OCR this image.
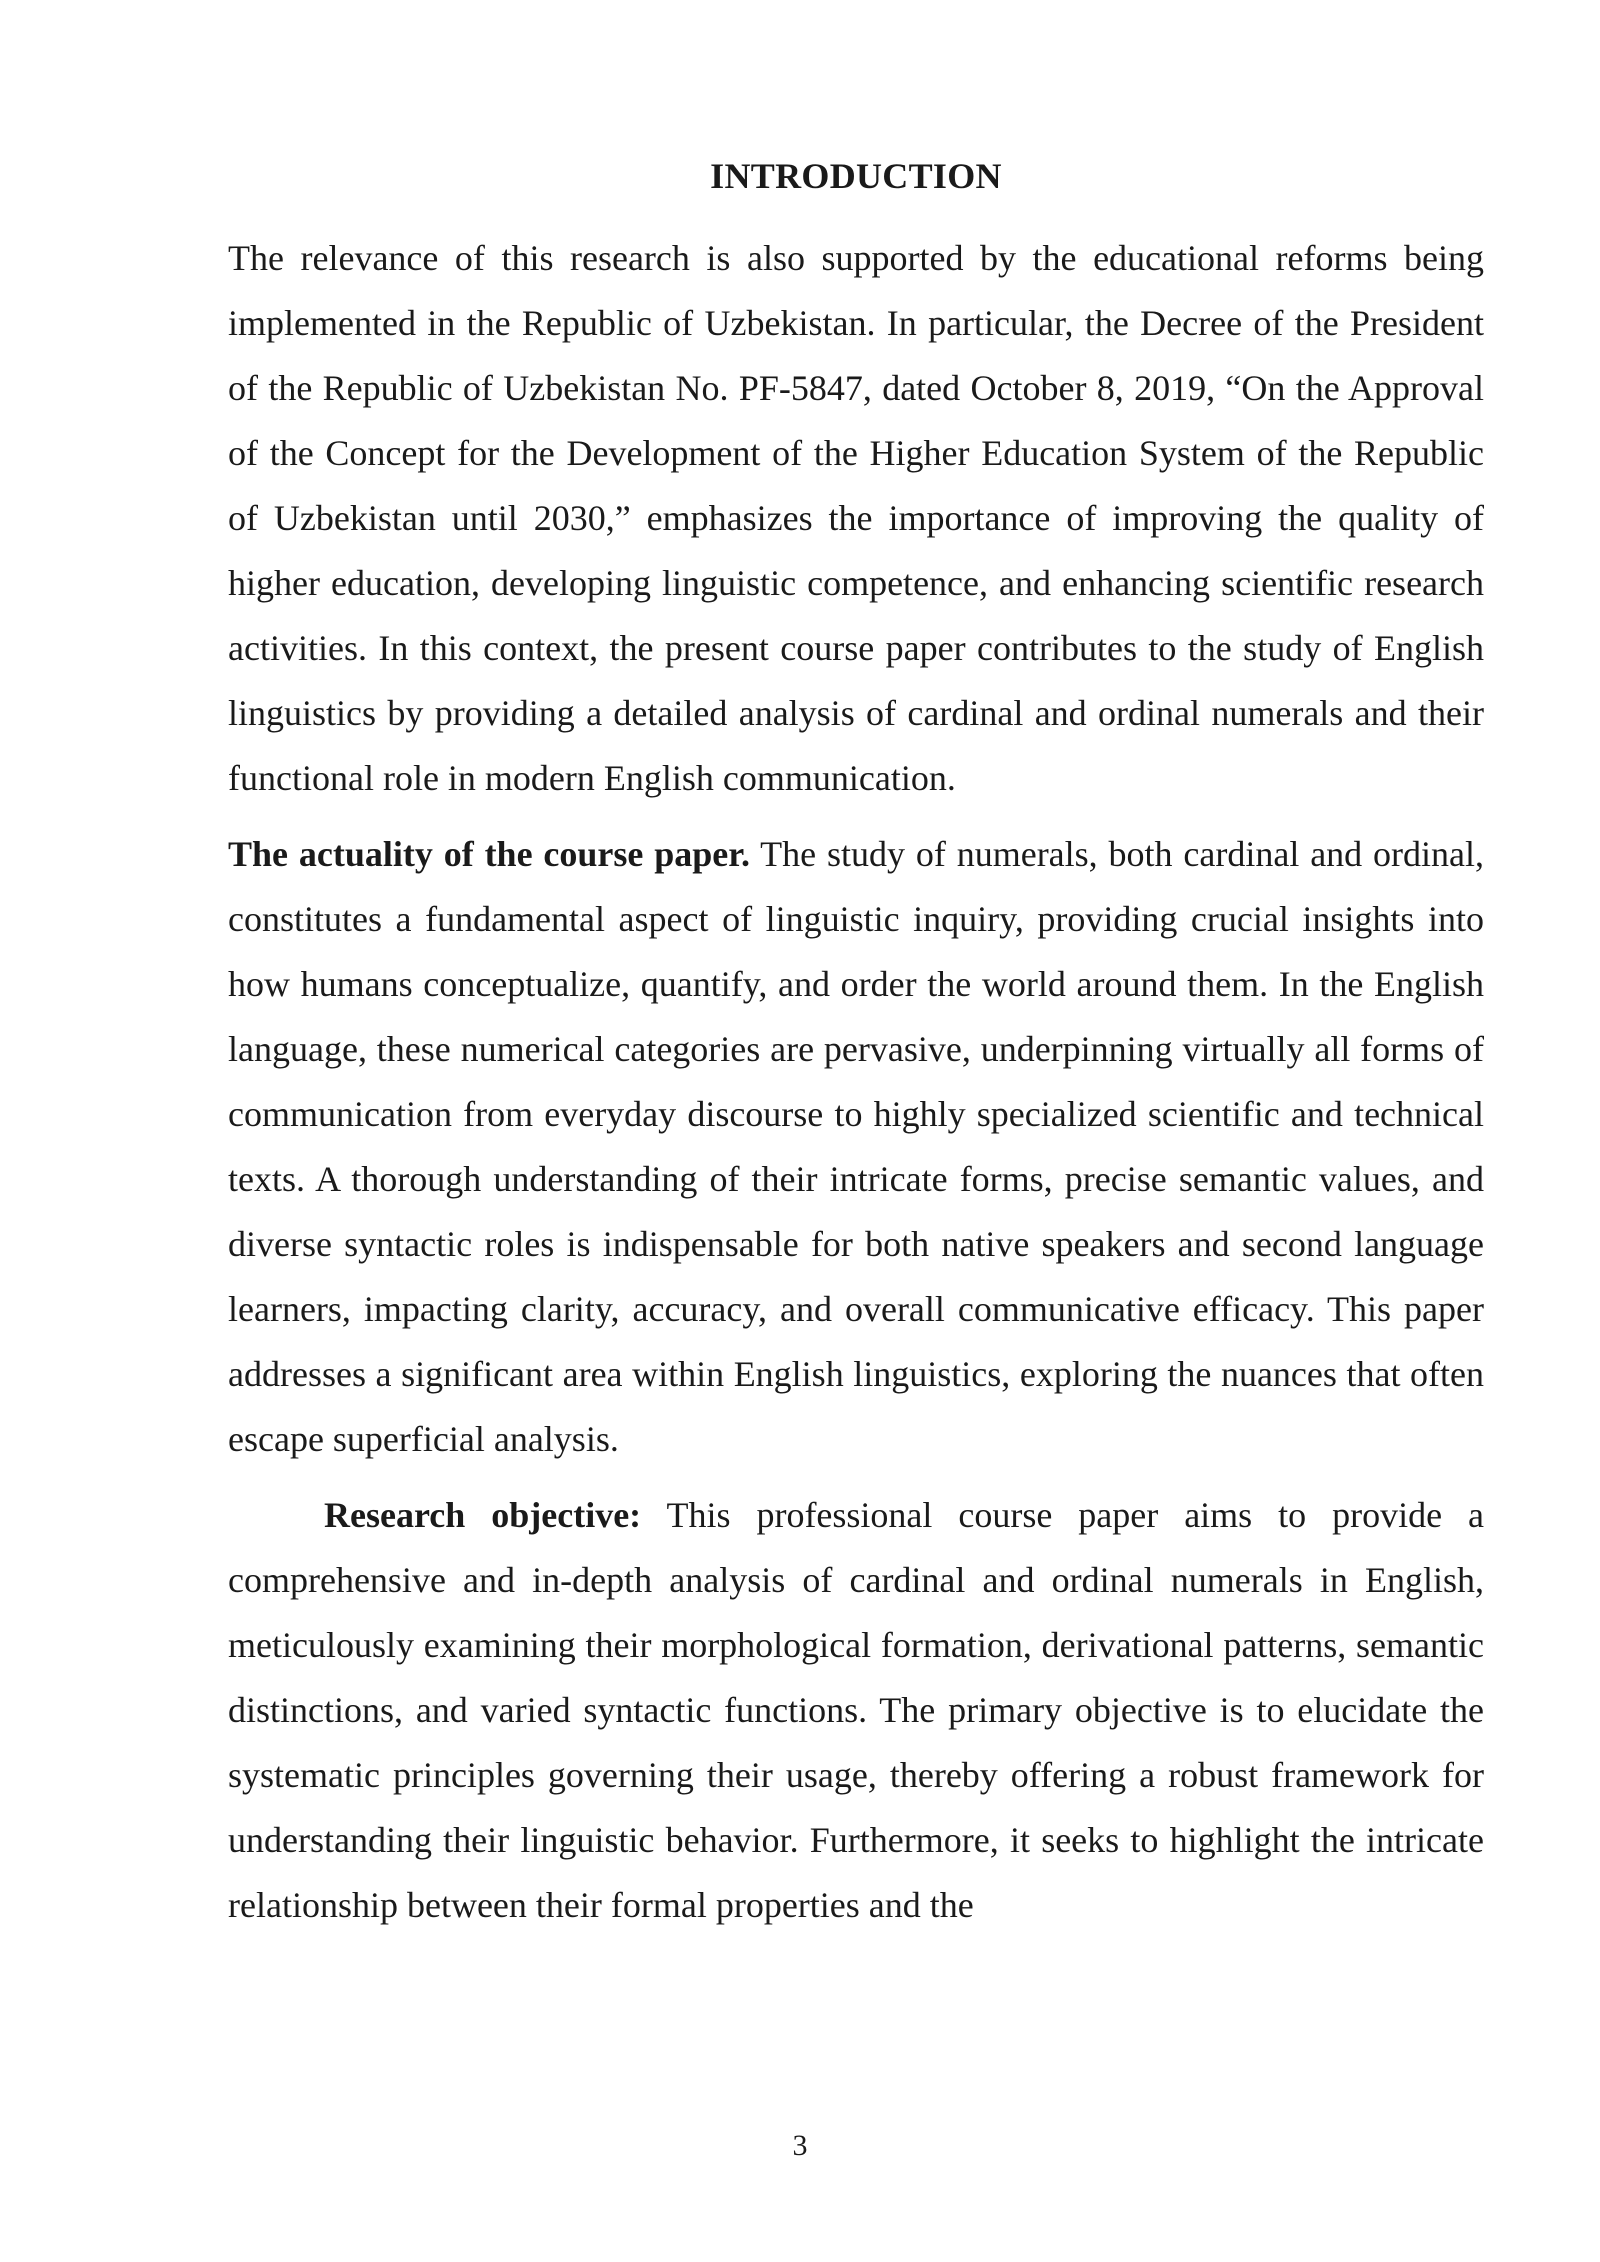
INTRODUCTION

The relevance of this research is also supported by the educational reforms being implemented in the Republic of Uzbekistan. In particular, the Decree of the President of the Republic of Uzbekistan No. PF-5847, dated October 8, 2019, “On the Approval of the Concept for the Development of the Higher Education System of the Republic of Uzbekistan until 2030,” emphasizes the importance of improving the quality of higher education, developing linguistic competence, and enhancing scientific research activities. In this context, the present course paper contributes to the study of English linguistics by providing a detailed analysis of cardinal and ordinal numerals and their functional role in modern English communication.

The actuality of the course paper. The study of numerals, both cardinal and ordinal, constitutes a fundamental aspect of linguistic inquiry, providing crucial insights into how humans conceptualize, quantify, and order the world around them. In the English language, these numerical categories are pervasive, underpinning virtually all forms of communication from everyday discourse to highly specialized scientific and technical texts. A thorough understanding of their intricate forms, precise semantic values, and diverse syntactic roles is indispensable for both native speakers and second language learners, impacting clarity, accuracy, and overall communicative efficacy. This paper addresses a significant area within English linguistics, exploring the nuances that often escape superficial analysis.

Research objective: This professional course paper aims to provide a comprehensive and in-depth analysis of cardinal and ordinal numerals in English, meticulously examining their morphological formation, derivational patterns, semantic distinctions, and varied syntactic functions. The primary objective is to elucidate the systematic principles governing their usage, thereby offering a robust framework for understanding their linguistic behavior. Furthermore, it seeks to highlight the intricate relationship between their formal properties and the

3
